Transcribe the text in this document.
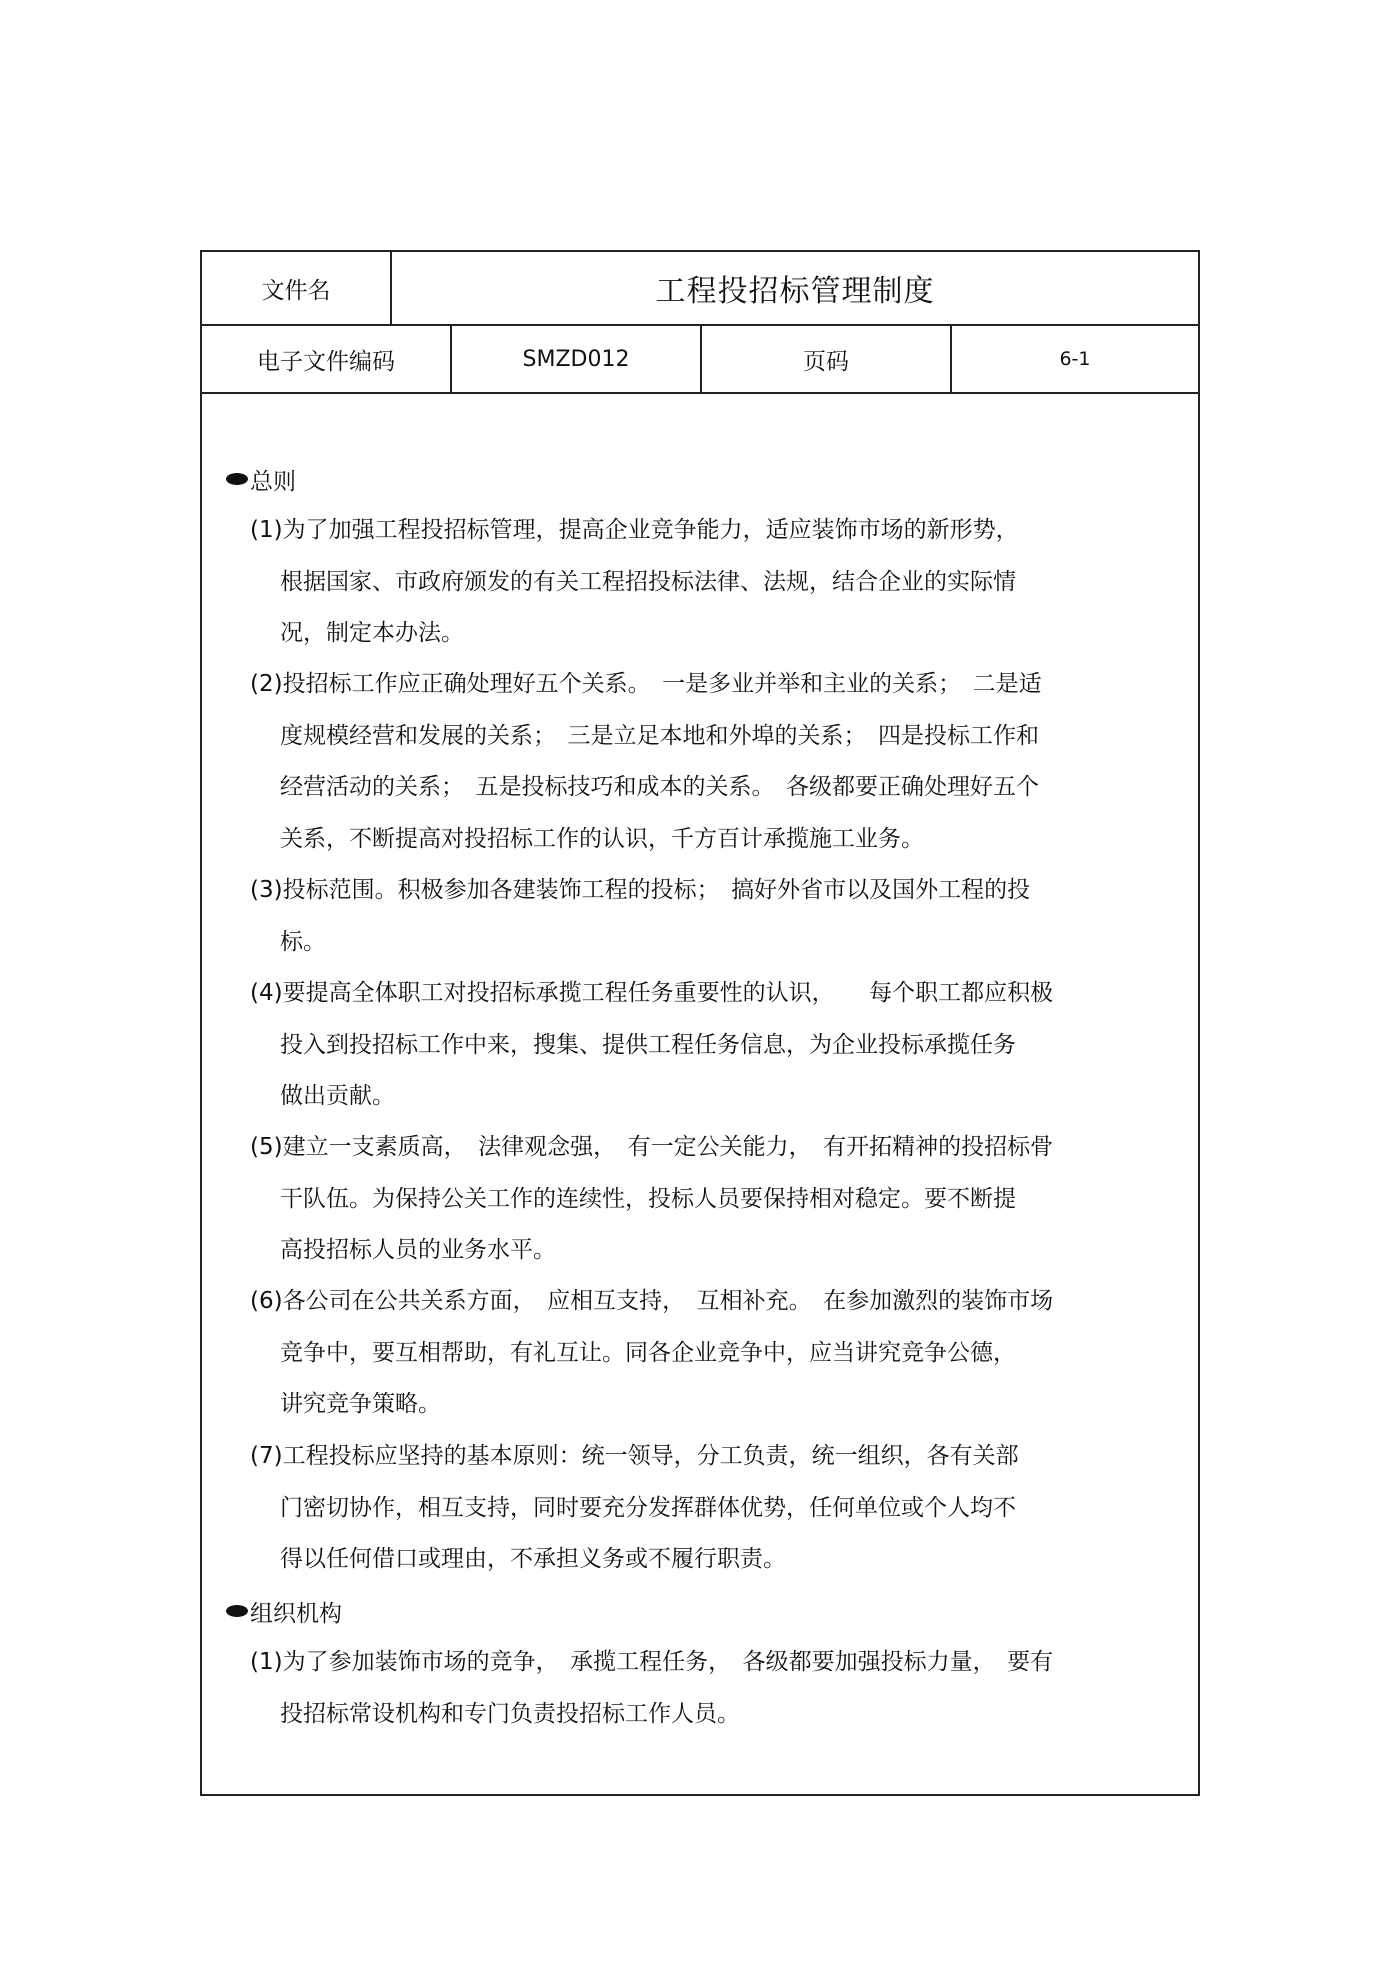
文件名	工程投招标管理制度
电子文件编码	SMZD012	页码	6-1
总则
(1)为了加强工程投招标管理，提高企业竞争能力，适应装饰市场的新形势，
根据国家、市政府颁发的有关工程招投标法律、法规，结合企业的实际情
况，制定本办法。
(2)投招标工作应正确处理好五个关系。　一是多业并举和主业的关系；　二是适
度规模经营和发展的关系；　三是立足本地和外埠的关系；　四是投标工作和
经营活动的关系；　五是投标技巧和成本的关系。　各级都要正确处理好五个
关系，不断提高对投招标工作的认识，千方百计承揽施工业务。
(3)投标范围。积极参加各建装饰工程的投标；　搞好外省市以及国外工程的投
标。
(4)要提高全体职工对投招标承揽工程任务重要性的认识，　　每个职工都应积极
投入到投招标工作中来，搜集、提供工程任务信息，为企业投标承揽任务
做出贡献。
(5)建立一支素质高，　法律观念强，　有一定公关能力，　有开拓精神的投招标骨
干队伍。为保持公关工作的连续性，投标人员要保持相对稳定。要不断提
高投招标人员的业务水平。
(6)各公司在公共关系方面，　应相互支持，　互相补充。　在参加激烈的装饰市场
竞争中，要互相帮助，有礼互让。同各企业竞争中，应当讲究竞争公德，
讲究竞争策略。
(7)工程投标应坚持的基本原则：统一领导，分工负责，统一组织，各有关部
门密切协作，相互支持，同时要充分发挥群体优势，任何单位或个人均不
得以任何借口或理由，不承担义务或不履行职责。
组织机构
(1)为了参加装饰市场的竞争，　承揽工程任务，　各级都要加强投标力量，　要有
投招标常设机构和专门负责投招标工作人员。
